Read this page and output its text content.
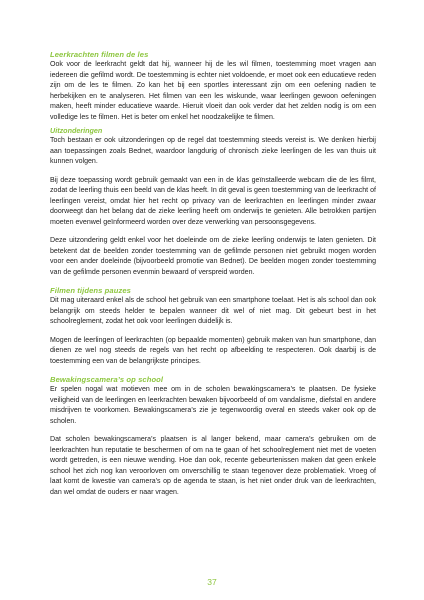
Leerkrachten filmen de les

Ook voor de leerkracht geldt dat hij, wanneer hij de les wil filmen, toestemming moet vragen aan iedereen die gefilmd wordt. De toestemming is echter niet voldoende, er moet ook een educatieve reden zijn om de les te filmen. Zo kan het bij een sportles interessant zijn om een oefening nadien te herbekijken en te analyseren. Het filmen van een les wiskunde, waar leerlingen gewoon oefeningen maken, heeft minder educatieve waarde. Hieruit vloeit dan ook verder dat het zelden nodig is om een volledige les te filmen. Het is beter om enkel het noodzakelijke te filmen.

Uitzonderingen

Toch bestaan er ook uitzonderingen op de regel dat toestemming steeds vereist is. We denken hierbij aan toepassingen zoals Bednet, waardoor langdurig of chronisch zieke leerlingen de les van thuis uit kunnen volgen.

Bij deze toepassing wordt gebruik gemaakt van een in de klas geïnstalleerde webcam die de les filmt, zodat de leerling thuis een beeld van de klas heeft. In dit geval is geen toestemming van de leerkracht of leerlingen vereist, omdat hier het recht op privacy van de leerkrachten en leerlingen minder zwaar doorweegt dan het belang dat de zieke leerling heeft om onderwijs te genieten. Alle betrokken partijen moeten evenwel geïnformeerd worden over deze verwerking van persoonsgegevens.

Deze uitzondering geldt enkel voor het doeleinde om de zieke leerling onderwijs te laten genieten. Dit betekent dat de beelden zonder toestemming van de gefilmde personen niet gebruikt mogen worden voor een ander doeleinde (bijvoorbeeld promotie van Bednet). De beelden mogen zonder toestemming van de gefilmde personen evenmin bewaard of verspreid worden.

Filmen tijdens pauzes

Dit mag uiteraard enkel als de school het gebruik van een smartphone toelaat. Het is als school dan ook belangrijk om steeds helder te bepalen wanneer dit wel of niet mag. Dit gebeurt best in het schoolreglement, zodat het ook voor leerlingen duidelijk is.

Mogen de leerlingen of leerkrachten (op bepaalde momenten) gebruik maken van hun smartphone, dan dienen ze wel nog steeds de regels van het recht op afbeelding te respecteren. Ook daarbij is de toestemming een van de belangrijkste principes.

Bewakingscamera’s op school

Er spelen nogal wat motieven mee om in de scholen bewakingscamera’s te plaatsen. De fysieke veiligheid van de leerlingen en leerkrachten bewaken bijvoorbeeld of om vandalisme, diefstal en andere misdrijven te voorkomen. Bewakingscamera’s zie je tegenwoordig overal en steeds vaker ook op de scholen.

Dat scholen bewakingscamera’s plaatsen is al langer bekend, maar camera’s gebruiken om de leerkrachten hun reputatie te beschermen of om na te gaan of het schoolreglement niet met de voeten wordt getreden, is een nieuwe wending. Hoe dan ook, recente gebeurtenissen maken dat geen enkele school het zich nog kan veroorloven om onverschillig te staan tegenover deze problematiek. Vroeg of laat komt de kwestie van camera’s op de agenda te staan, is het niet onder druk van de leerkrachten, dan wel omdat de ouders er naar vragen.

37
